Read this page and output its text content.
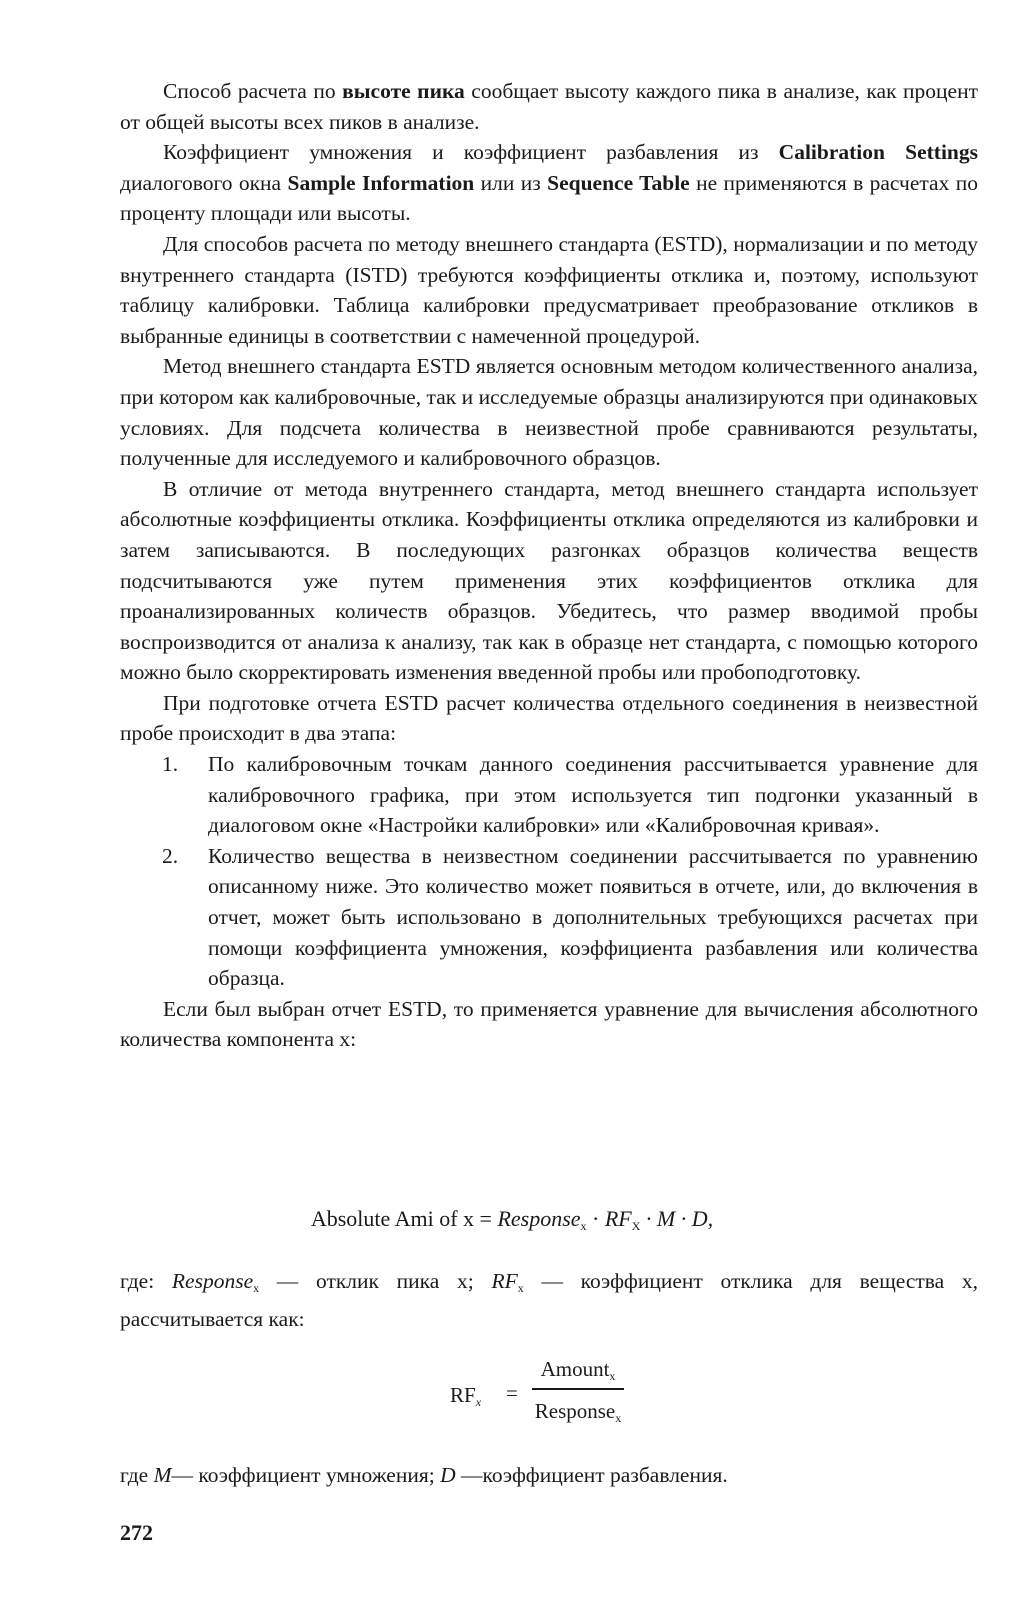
Способ расчета по высоте пика сообщает высоту каждого пика в анализе, как процент от общей высоты всех пиков в анализе.

Коэффициент умножения и коэффициент разбавления из Calibration Settings диалогового окна Sample Information или из Sequence Table не применяются в расчетах по проценту площади или высоты.

Для способов расчета по методу внешнего стандарта (ESTD), нормализации и по методу внутреннего стандарта (ISTD) требуются коэффициенты отклика и, поэтому, используют таблицу калибровки. Таблица калибровки предусматривает преобразование откликов в выбранные единицы в соответствии с намеченной процедурой.

Метод внешнего стандарта ESTD является основным методом количественного анализа, при котором как калибровочные, так и исследуемые образцы анализируются при одинаковых условиях. Для подсчета количества в неизвестной пробе сравниваются результаты, полученные для исследуемого и калибровочного образцов.

В отличие от метода внутреннего стандарта, метод внешнего стандарта использует абсолютные коэффициенты отклика. Коэффициенты отклика определяются из калибровки и затем записываются. В последующих разгонках образцов количества веществ подсчитываются уже путем применения этих коэффициентов отклика для проанализированных количеств образцов. Убедитесь, что размер вводимой пробы воспроизводится от анализа к анализу, так как в образце нет стандарта, с помощью которого можно было скорректировать изменения введенной пробы или пробоподготовку.

При подготовке отчета ESTD расчет количества отдельного соединения в неизвестной пробе происходит в два этапа:

1. По калибровочным точкам данного соединения рассчитывается уравнение для калибровочного графика, при этом используется тип подгонки указанный в диалоговом окне «Настройки калибровки» или «Калибровочная кривая».
2. Количество вещества в неизвестном соединении рассчитывается по уравнению описанному ниже. Это количество может появиться в отчете, или, до включения в отчет, может быть использовано в дополнительных требующихся расчетах при помощи коэффициента умножения, коэффициента разбавления или количества образца.

Если был выбран отчет ESTD, то применяется уравнение для вычисления абсолютного количества компонента x:

Absolute Ami of x = Response$_x$ · $RF_X \cdot M \cdot D$,
где: Response$_x$ — отклик пика x; $RF_x$ — коэффициент отклика для вещества x, рассчитывается как:
$RF_x$ =
Amount$_x$
Response$_x$
где M— коэффициент умножения; D —коэффициент разбавления.
272
